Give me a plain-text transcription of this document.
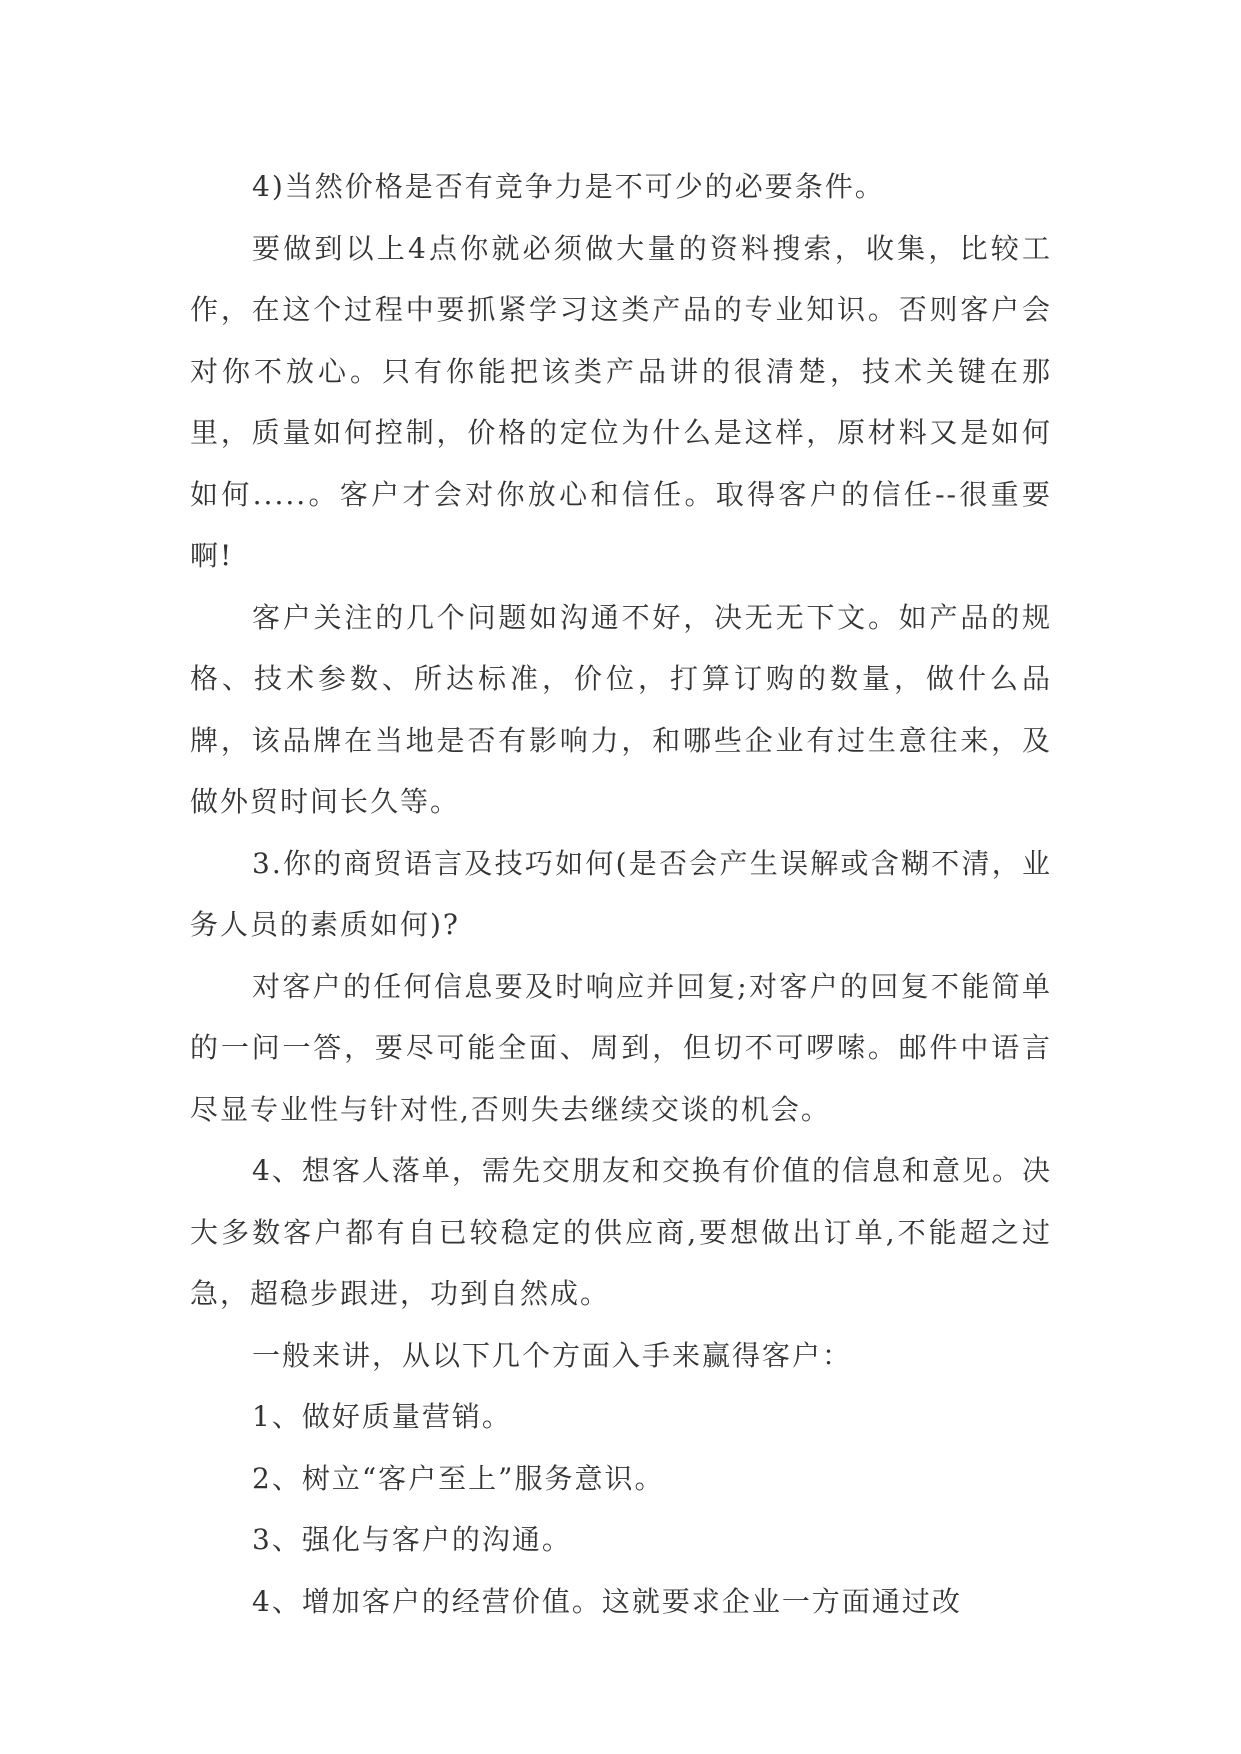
4)当然价格是否有竞争力是不可少的必要条件。

要做到以上4点你就必须做大量的资料搜索，收集，比较工作，在这个过程中要抓紧学习这类产品的专业知识。否则客户会对你不放心。只有你能把该类产品讲的很清楚，技术关键在那里，质量如何控制，价格的定位为什么是这样，原材料又是如何如何.....。客户才会对你放心和信任。取得客户的信任--很重要啊!

客户关注的几个问题如沟通不好，决无无下文。如产品的规格、技术参数、所达标准，价位，打算订购的数量，做什么品牌，该品牌在当地是否有影响力，和哪些企业有过生意往来，及做外贸时间长久等。

3.你的商贸语言及技巧如何(是否会产生误解或含糊不清，业务人员的素质如何)?

对客户的任何信息要及时响应并回复;对客户的回复不能简单的一问一答，要尽可能全面、周到，但切不可啰嗦。邮件中语言尽显专业性与针对性,否则失去继续交谈的机会。

4、想客人落单，需先交朋友和交换有价值的信息和意见。决大多数客户都有自已较稳定的供应商,要想做出订单,不能超之过急，超稳步跟进，功到自然成。

一般来讲，从以下几个方面入手来赢得客户：

1、做好质量营销。

2、树立“客户至上”服务意识。

3、强化与客户的沟通。

4、增加客户的经营价值。这就要求企业一方面通过改
